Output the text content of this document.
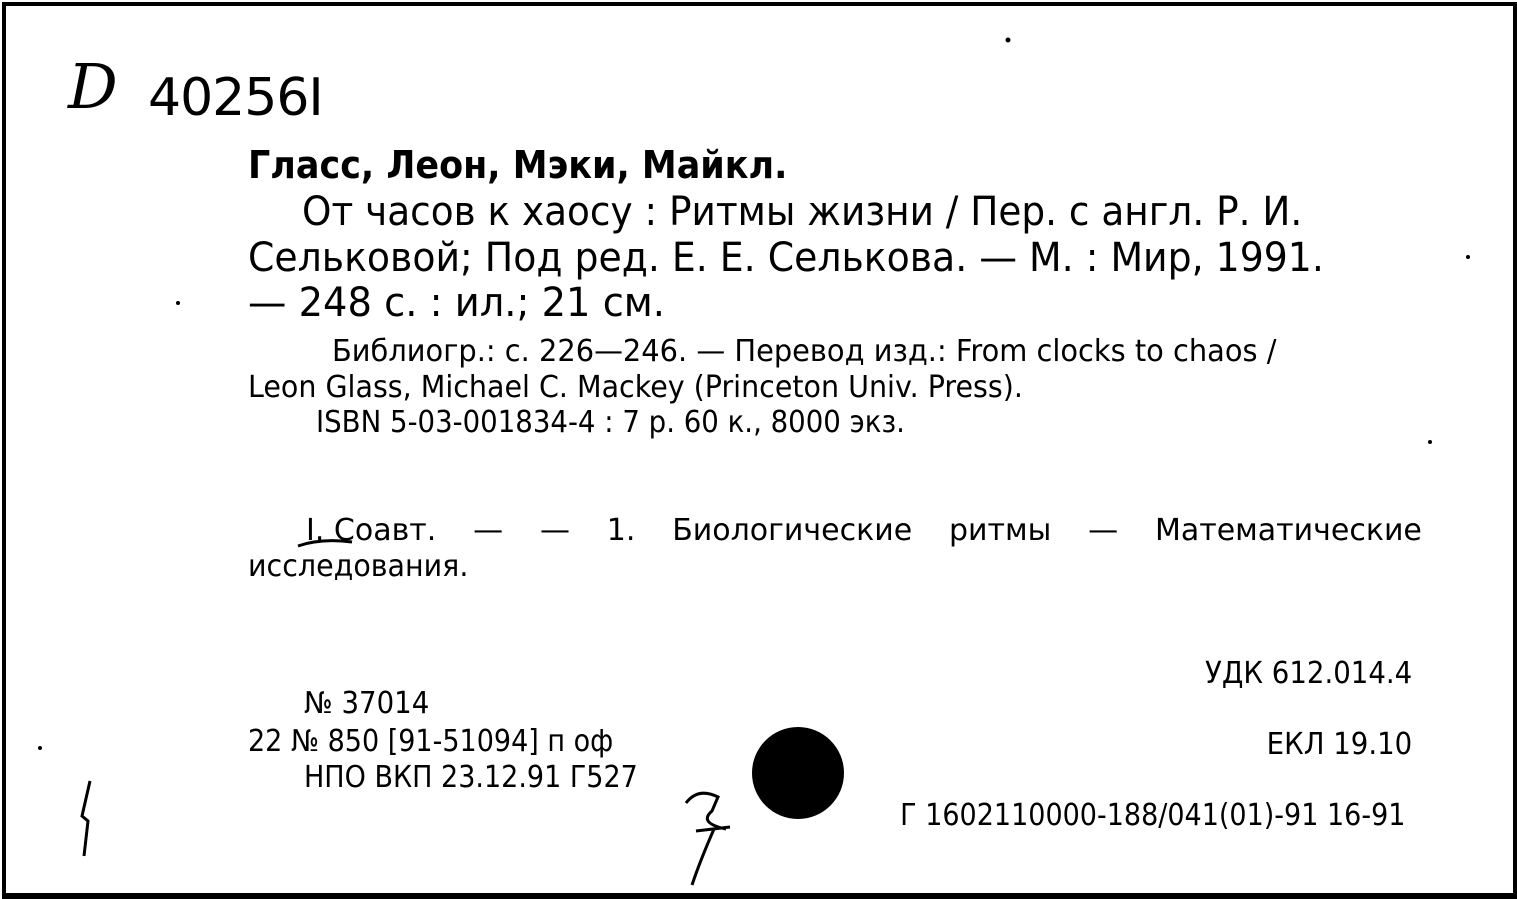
D 40256I
Гласс, Леон, Мэки, Майкл.
От часов к хаосу : Ритмы жизни / Пер. с англ. Р. И.
Сельковой; Под ред. Е. Е. Селькова. — М. : Мир, 1991.
— 248 с. : ил.; 21 см.
Библиогр.: с. 226—246. — Перевод изд.: From clocks to chaos /
Leon Glass, Michael C. Mackey (Princeton Univ. Press).
ISBN 5-03-001834-4 : 7 р. 60 к., 8000 экз.
I. Соавт. — — 1. Биологические ритмы — Математические
исследования.
УДК 612.014.4
ЕКЛ 19.10
Г 1602110000-188/041(01)-91 16-91
№ 37014
22 № 850 [91-51094] п оф
НПО ВКП 23.12.91 Г527
